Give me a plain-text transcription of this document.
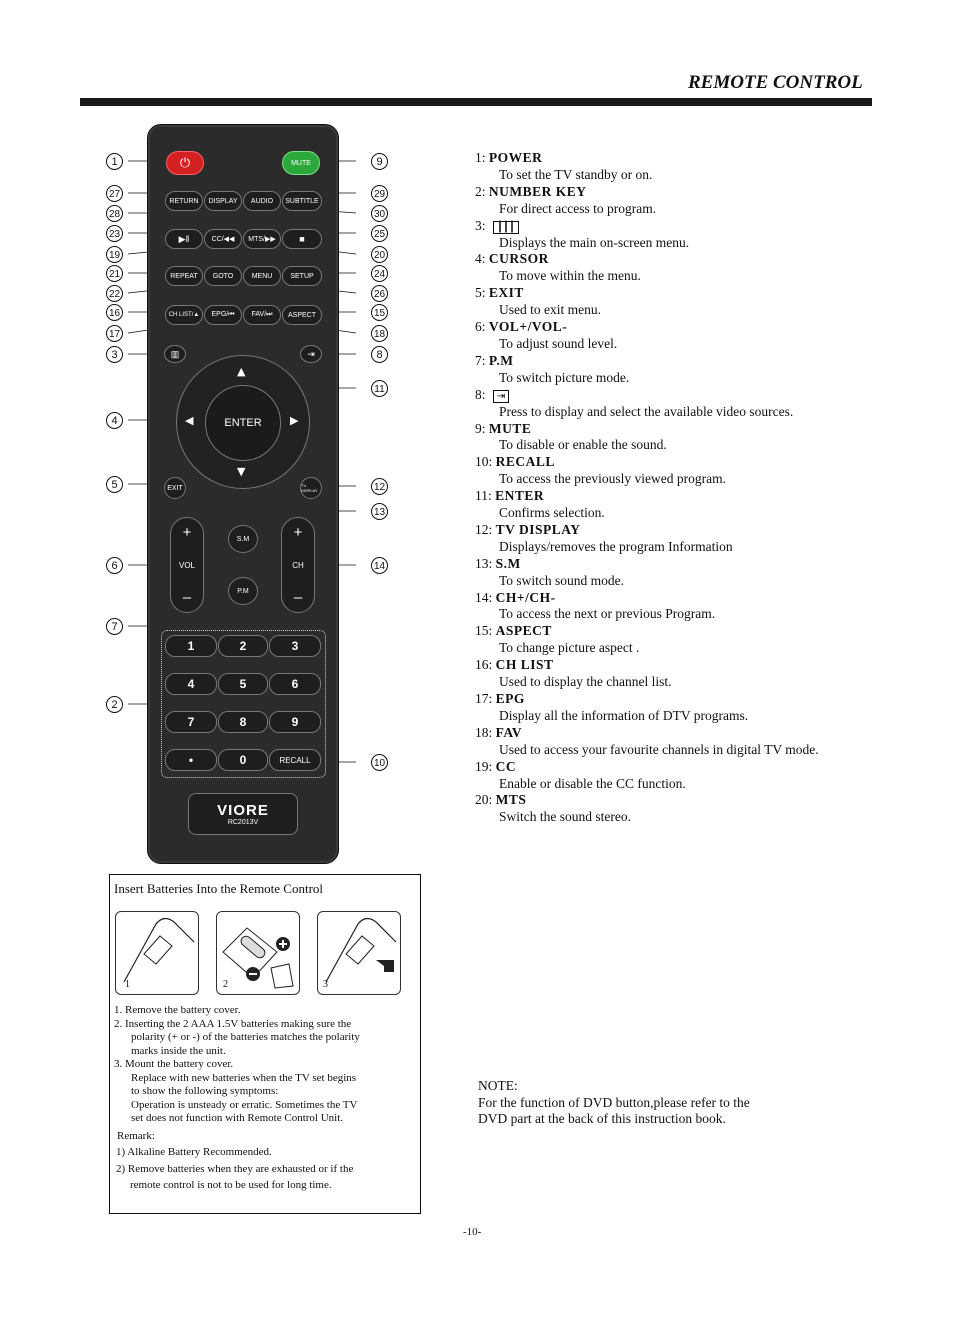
REMOTE CONTROL
⏻	MUTE
RETURN	DISPLAY	AUDIO	SUBTITLE
▶‖	CC/◀◀	MTS/▶▶	■
REPEAT	GOTO	MENU	SETUP
CH LIST/▲	EPG/⏮	FAV/⏭	ASPECT
▥	⇥
ENTER
▲
▼
◀	▶
EXIT	TV DISPLAY
+
VOL
–
+
CH
–
S.M
P.M
1	2	3
4	5	6
7	8	9
•	0	RECALL
VIORE
RC2013V
1
27
28
23
19
21
22
16
17
3
4
5
6
7
2
9
29
30
25
20
24
26
15
18
8
11
12
13
14
10
1: POWER
To set the TV standby or on.
2: NUMBER KEY
For direct access to program.
3: ┃┃┃
Displays the main on-screen menu.
4: CURSOR
To move within the menu.
5: EXIT
Used to exit menu.
6: VOL+/VOL-
To adjust sound level.
7: P.M
To switch picture mode.
8: ⇥
Press to display and select the available video sources.
9: MUTE
To disable or enable the sound.
10: RECALL
To access the previously viewed program.
11: ENTER
Confirms selection.
12: TV DISPLAY
Displays/removes the program Information
13: S.M
To switch sound mode.
14: CH+/CH-
To access the next or previous Program.
15: ASPECT
To change picture aspect .
16: CH LIST
Used to display the channel list.
17: EPG
Display all the information of DTV programs.
18: FAV
Used to access your favourite channels in digital TV mode.
19: CC
Enable or disable the CC function.
20: MTS
Switch the sound stereo.
NOTE:
For the function of DVD button,please refer to the
DVD part at the back of this instruction book.
Insert Batteries Into the Remote Control
1	2	3

1. Remove the battery cover.

2. Inserting the 2 AAA 1.5V batteries making sure the

polarity (+ or -) of the batteries matches the polarity

marks inside the unit.

3. Mount the battery cover.

Replace with new batteries when the TV set begins

to show the following symptoms:

Operation is unsteady or erratic. Sometimes the TV

set does not function with Remote Control Unit.

Remark:

1) Alkaline Battery Recommended.

2) Remove batteries when they are exhausted or if the

remote control is not to be used for long time.

-10-
